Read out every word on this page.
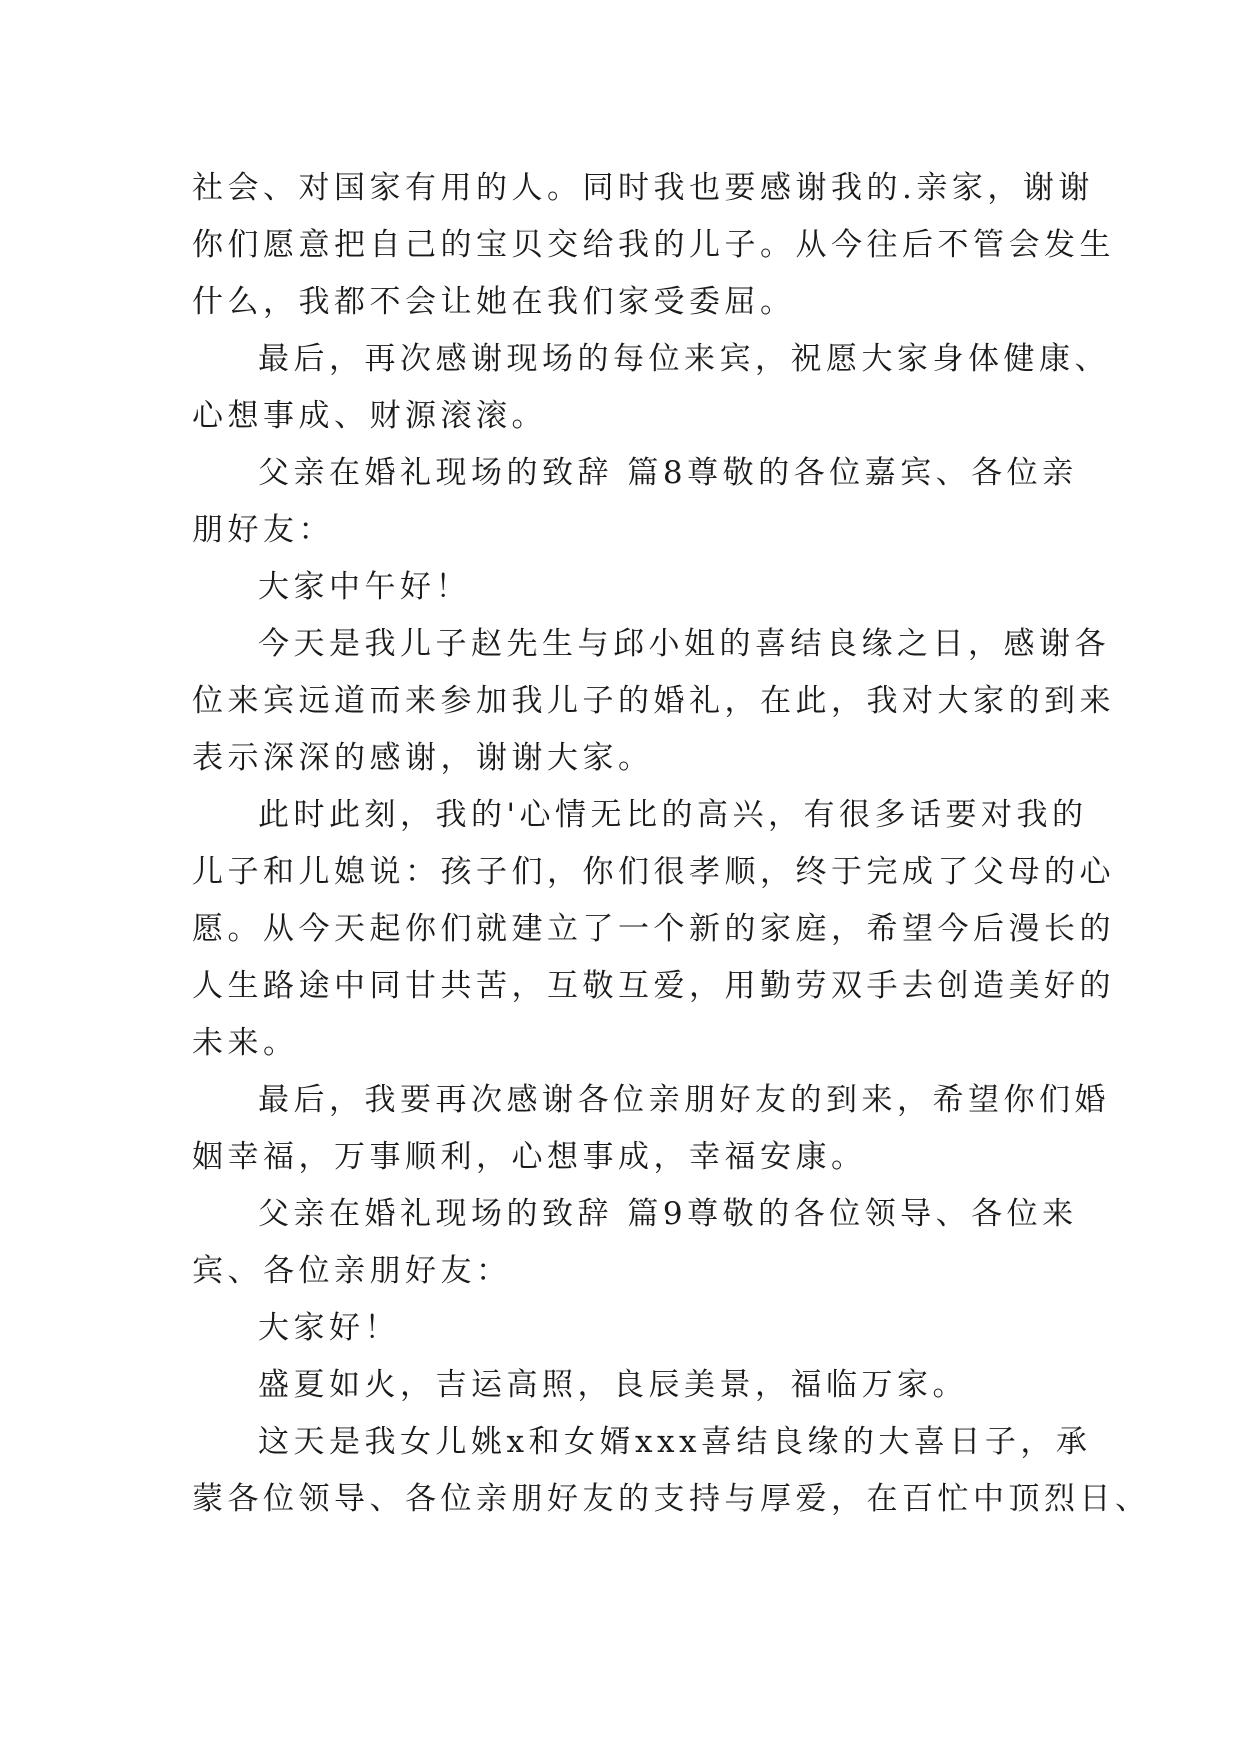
社会、对国家有用的人。同时我也要感谢我的.亲家，谢谢
你们愿意把自己的宝贝交给我的儿子。从今往后不管会发生
什么，我都不会让她在我们家受委屈。
最后，再次感谢现场的每位来宾，祝愿大家身体健康、
心想事成、财源滚滚。
父亲在婚礼现场的致辞 篇8尊敬的各位嘉宾、各位亲
朋好友：
大家中午好！
今天是我儿子赵先生与邱小姐的喜结良缘之日，感谢各
位来宾远道而来参加我儿子的婚礼，在此，我对大家的到来
表示深深的感谢，谢谢大家。
此时此刻，我的'心情无比的高兴，有很多话要对我的
儿子和儿媳说：孩子们，你们很孝顺，终于完成了父母的心
愿。从今天起你们就建立了一个新的家庭，希望今后漫长的
人生路途中同甘共苦，互敬互爱，用勤劳双手去创造美好的
未来。
最后，我要再次感谢各位亲朋好友的到来，希望你们婚
姻幸福，万事顺利，心想事成，幸福安康。
父亲在婚礼现场的致辞 篇9尊敬的各位领导、各位来
宾、各位亲朋好友：
大家好！
盛夏如火，吉运高照，良辰美景，福临万家。
这天是我女儿姚x和女婿xxx喜结良缘的大喜日子，承
蒙各位领导、各位亲朋好友的支持与厚爱，在百忙中顶烈日、
